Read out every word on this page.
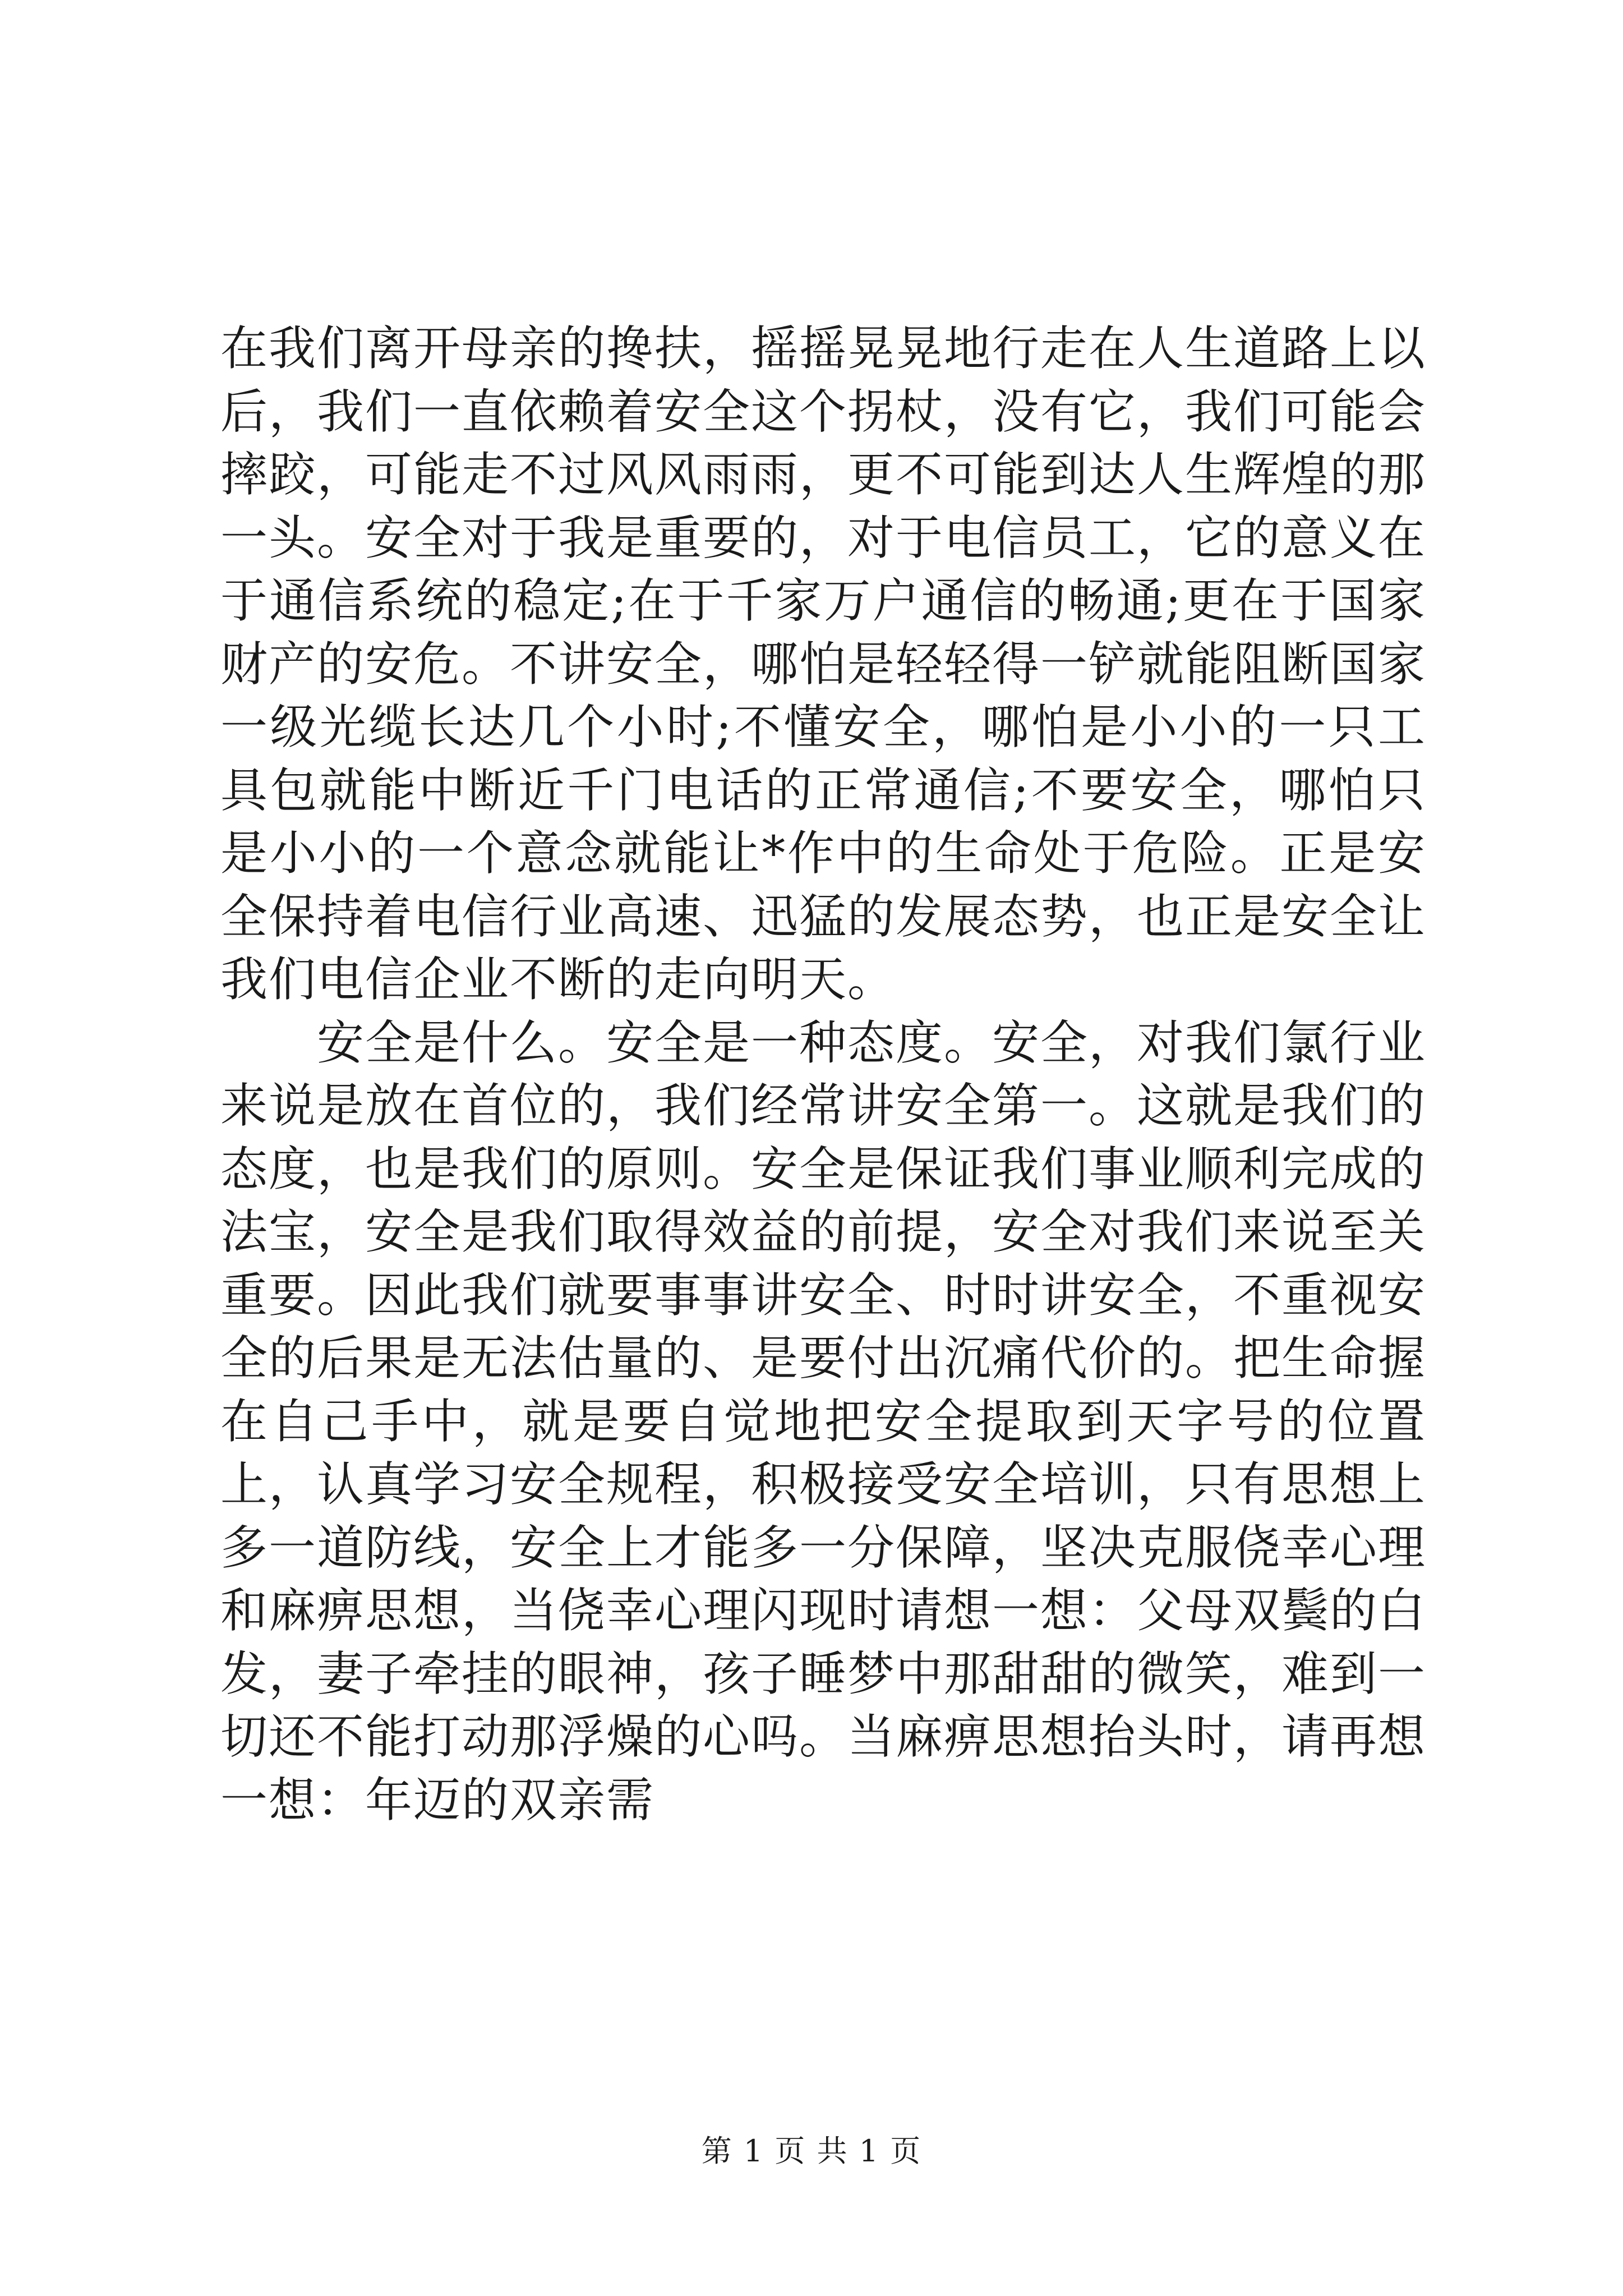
在我们离开母亲的搀扶，摇摇晃晃地行走在人生道路上以后，我们一直依赖着安全这个拐杖，没有它，我们可能会摔跤，可能走不过风风雨雨，更不可能到达人生辉煌的那一头。安全对于我是重要的，对于电信员工，它的意义在于通信系统的稳定;在于千家万户通信的畅通;更在于国家财产的安危。不讲安全，哪怕是轻轻得一铲就能阻断国家一级光缆长达几个小时;不懂安全，哪怕是小小的一只工具包就能中断近千门电话的正常通信;不要安全，哪怕只是小小的一个意念就能让*作中的生命处于危险。正是安全保持着电信行业高速、迅猛的发展态势，也正是安全让我们电信企业不断的走向明天。

安全是什么。安全是一种态度。安全，对我们氯行业来说是放在首位的，我们经常讲安全第一。这就是我们的态度，也是我们的原则。安全是保证我们事业顺利完成的法宝，安全是我们取得效益的前提，安全对我们来说至关重要。因此我们就要事事讲安全、时时讲安全，不重视安全的后果是无法估量的、是要付出沉痛代价的。把生命握在自己手中，就是要自觉地把安全提取到天字号的位置上，认真学习安全规程，积极接受安全培训，只有思想上多一道防线，安全上才能多一分保障，坚决克服侥幸心理和麻痹思想，当侥幸心理闪现时请想一想：父母双鬓的白发，妻子牵挂的眼神，孩子睡梦中那甜甜的微笑，难到一切还不能打动那浮燥的心吗。当麻痹思想抬头时，请再想一想：年迈的双亲需

第 1 页 共 1 页
